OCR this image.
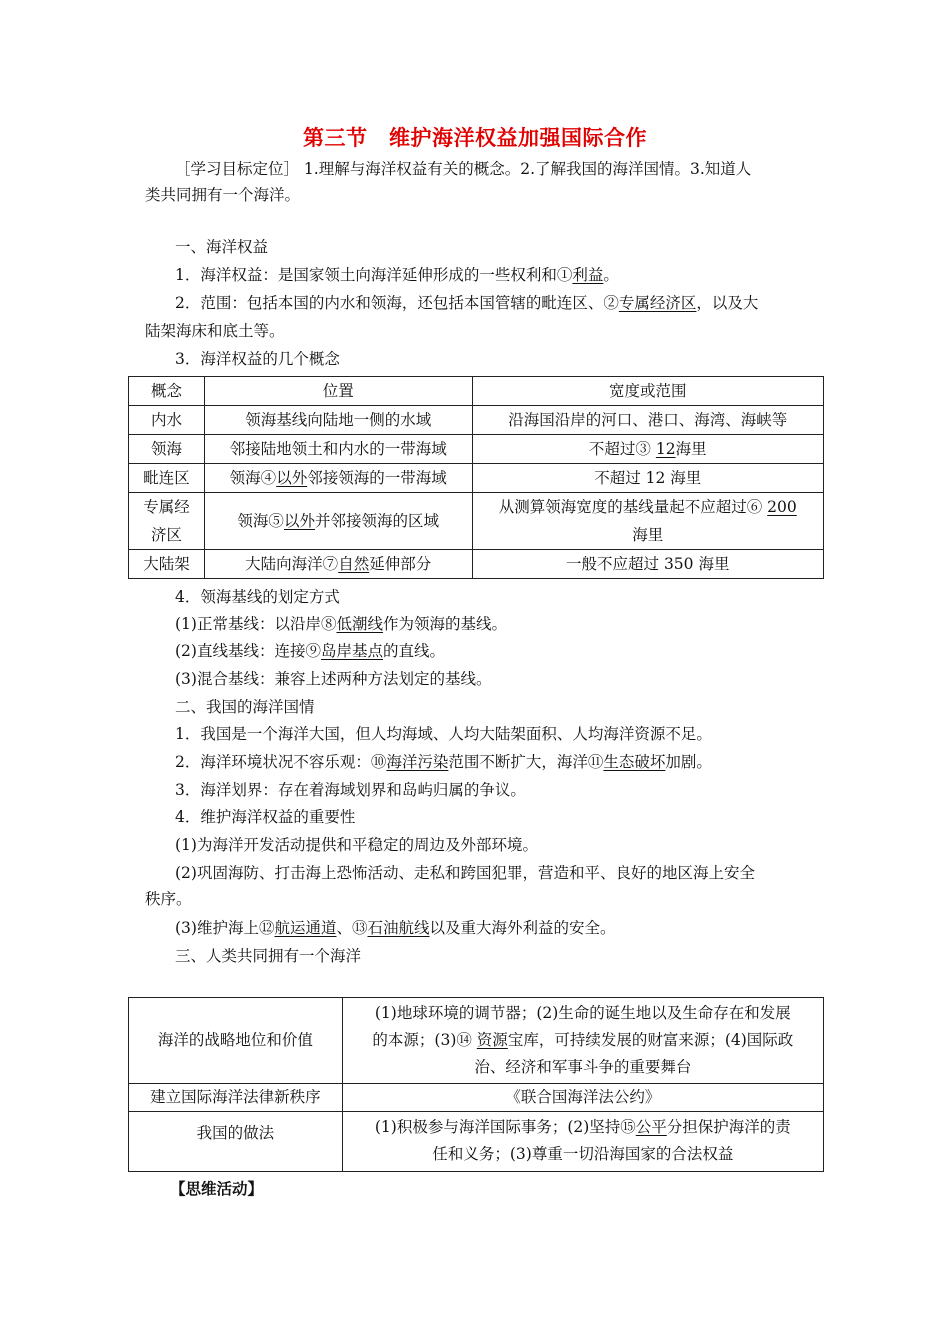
第三节　维护海洋权益加强国际合作
［学习目标定位］ 1.理解与海洋权益有关的概念。2.了解我国的海洋国情。3.知道人
类共同拥有一个海洋。
一、海洋权益
1．海洋权益：是国家领土向海洋延伸形成的一些权利和①利益。
2．范围：包括本国的内水和领海，还包括本国管辖的毗连区、②专属经济区，以及大
陆架海床和底土等。
3．海洋权益的几个概念
概念	位置	宽度或范围
内水	领海基线向陆地一侧的水域	沿海国沿岸的河口、港口、海湾、海峡等
领海	邻接陆地领土和内水的一带海域	不超过③ 12海里
毗连区	领海④以外邻接领海的一带海域	不超过 12 海里
专属经
济区	领海⑤以外并邻接领海的区域	从测算领海宽度的基线量起不应超过⑥ 200
海里
大陆架	大陆向海洋⑦自然延伸部分	一般不应超过 350 海里
4．领海基线的划定方式
(1)正常基线：以沿岸⑧低潮线作为领海的基线。
(2)直线基线：连接⑨岛岸基点的直线。
(3)混合基线：兼容上述两种方法划定的基线。
二、我国的海洋国情
1．我国是一个海洋大国，但人均海域、人均大陆架面积、人均海洋资源不足。
2．海洋环境状况不容乐观：⑩海洋污染范围不断扩大，海洋⑪生态破坏加剧。
3．海洋划界：存在着海域划界和岛屿归属的争议。
4．维护海洋权益的重要性
(1)为海洋开发活动提供和平稳定的周边及外部环境。
(2)巩固海防、打击海上恐怖活动、走私和跨国犯罪，营造和平、良好的地区海上安全
秩序。
(3)维护海上⑫航运通道、⑬石油航线以及重大海外利益的安全。
三、人类共同拥有一个海洋
海洋的战略地位和价值	(1)地球环境的调节器；(2)生命的诞生地以及生命存在和发展
的本源；(3)⑭ 资源宝库，可持续发展的财富来源；(4)国际政
治、经济和军事斗争的重要舞台
建立国际海洋法律新秩序	《联合国海洋法公约》
我国的做法	(1)积极参与海洋国际事务；(2)坚持⑮公平分担保护海洋的责
任和义务；(3)尊重一切沿海国家的合法权益
【思维活动】
